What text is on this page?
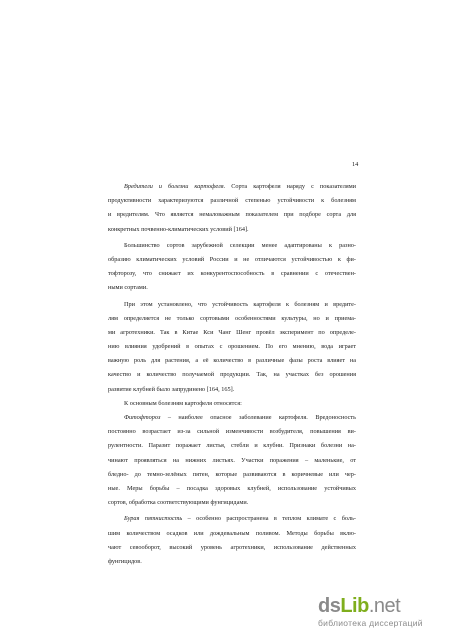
14
Вредители и болезни картофеля. Сорта картофеля наряду с показателями
продуктивности характеризуются различной степенью устойчивости к болезням
и вредителям. Что является немаловажным показателем при подборе сорта для
конкретных почвенно-климатических условий [164].
Большинство сортов зарубежной селекции менее адаптированы к разно-
образию климатических условий России и не отличаются устойчивостью к фи-
тофторозу, что снижает их конкурентоспособность в сравнении с отечествен-
ными сортами.
При этом установлено, что устойчивость картофеля к болезням и вредите-
лям определяется не только сортовыми особенностями культуры, но и приема-
ми агротехники. Так в Китае Кси Чанг Шенг провёл эксперимент по определе-
нию влияния удобрений в опытах с орошением. По его мнению, вода играет
важную роль для растения, а её количество в различные фазы роста влияет на
качество и количество получаемой продукции. Так, на участках без орошения
развитие клубней было запрудинено [164, 165].
К основным болезням картофеля относятся:
Фитофтороз – наиболее опасное заболевание картофеля. Вредоносность
постоянно возрастает из-за сильной изменчивости возбудителя, повышения ви-
рулентности. Паразит поражает листья, стебли и клубни. Признаки болезни на-
чинают проявляться на нижних листьях. Участки поражения – маленькие, от
бледно- до темно-зелёных пятен, которые развиваются в коричневые или чер-
ные. Меры борьбы – посадка здоровых клубней, использование устойчивых
сортов, обработка соответствующими фунгицидами.
Бурая пятнистость – особенно распространена в теплом климате с боль-
шим количеством осадков или дождевальным поливом. Методы борьбы вклю-
чают севооборот, высокий уровень агротехники, использование действенных
фунгицидов.
ds Lib .net
библиотека диссертаций
